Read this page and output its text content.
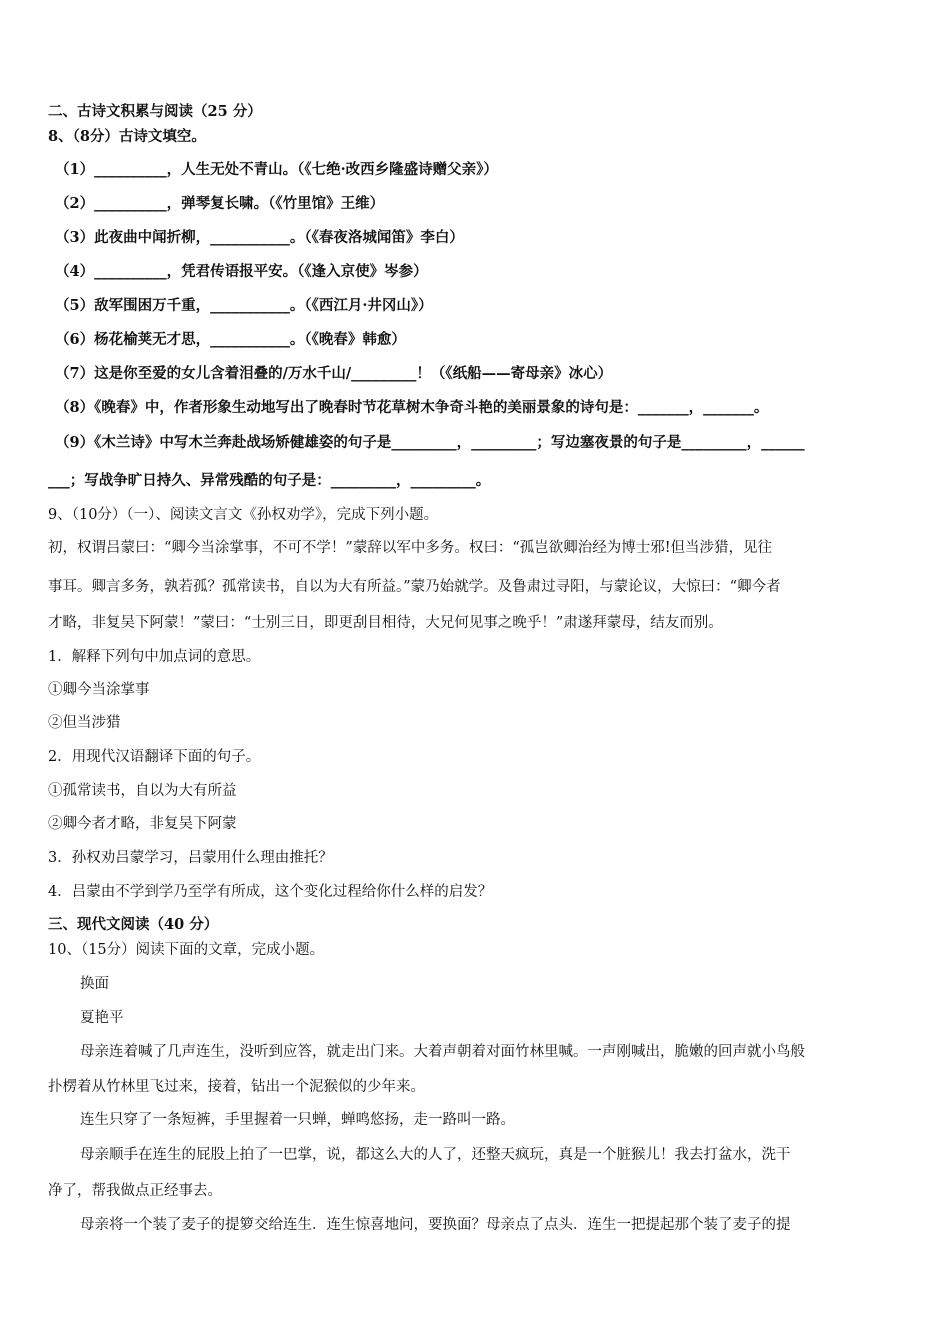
二、古诗文积累与阅读（25 分）
8、（8分）古诗文填空。
（1）__________，人生无处不青山。（《七绝·改西乡隆盛诗赠父亲》）
（2）__________，弹琴复长啸。（《竹里馆》王维）
（3）此夜曲中闻折柳，___________。（《春夜洛城闻笛》李白）
（4）__________，凭君传语报平安。（《逢入京使》岑参）
（5）敌军围困万千重，___________。（《西江月·井冈山》）
（6）杨花榆荚无才思，___________。（《晚春》韩愈）
（7）这是你至爱的女儿含着泪叠的/万水千山/_________！（《纸船——寄母亲》冰心）
（8）《晚春》中，作者形象生动地写出了晚春时节花草树木争奇斗艳的美丽景象的诗句是：_______，_______。
（9）《木兰诗》中写木兰奔赴战场矫健雄姿的句子是_________，_________；写边塞夜景的句子是_________，______
___；写战争旷日持久、异常残酷的句子是：_________，_________。
9、（10分）（一）、阅读文言文《孙权劝学》，完成下列小题。
初，权谓吕蒙曰：“卿今当涂掌事，不可不学！”蒙辞以军中多务。权曰：“孤岂欲卿治经为博士邪!但当涉猎，见往
事耳。卿言多务，孰若孤？孤常读书，自以为大有所益。”蒙乃始就学。及鲁肃过寻阳，与蒙论议，大惊曰：“卿今者
才略，非复吴下阿蒙！”蒙曰：“士别三日，即更刮目相待，大兄何见事之晚乎！”肃遂拜蒙母，结友而别。
1．解释下列句中加点词的意思。
①卿今当涂掌事
②但当涉猎
2．用现代汉语翻译下面的句子。
①孤常读书，自以为大有所益
②卿今者才略，非复吴下阿蒙
3．孙权劝吕蒙学习，吕蒙用什么理由推托？
4．吕蒙由不学到学乃至学有所成，这个变化过程给你什么样的启发？
三、现代文阅读（40 分）
10、（15分）阅读下面的文章，完成小题。
换面
夏艳平
母亲连着喊了几声连生，没听到应答，就走出门来。大着声朝着对面竹林里喊。一声刚喊出，脆嫩的回声就小鸟般
扑楞着从竹林里飞过来，接着，钻出一个泥猴似的少年来。
连生只穿了一条短裤，手里握着一只蝉，蝉鸣悠扬，走一路叫一路。
母亲顺手在连生的屁股上拍了一巴掌，说，都这么大的人了，还整天疯玩，真是一个脏猴儿！我去打盆水，洗干
净了，帮我做点正经事去。
母亲将一个装了麦子的提箩交给连生．连生惊喜地问，要换面？母亲点了点头．连生一把提起那个装了麦子的提
